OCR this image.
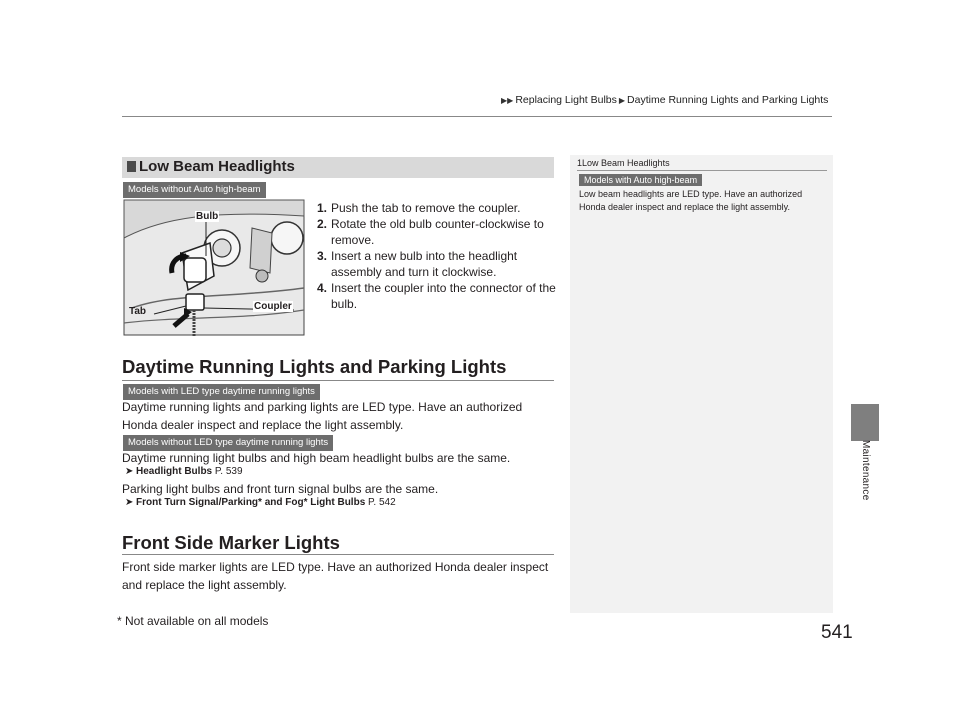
▶▶ Replacing Light Bulbs ▶ Daytime Running Lights and Parking Lights
Maintenance
Low Beam Headlights
Models without Auto high-beam
Bulb
Tab	Coupler
1. Push the tab to remove the coupler.
2. Rotate the old bulb counter-clockwise to remove.
3. Insert a new bulb into the headlight assembly and turn it clockwise.
4. Insert the coupler into the connector of the bulb.
Daytime Running Lights and Parking Lights
Models with LED type daytime running lights
Daytime running lights and parking lights are LED type. Have an authorized Honda dealer inspect and replace the light assembly.
Models without LED type daytime running lights
Daytime running light bulbs and high beam headlight bulbs are the same.
Headlight Bulbs P. 539
Parking light bulbs and front turn signal bulbs are the same.
Front Turn Signal/Parking* and Fog* Light Bulbs P. 542
➤
➤
Front Side Marker Lights
Front side marker lights are LED type. Have an authorized Honda dealer inspect and replace the light assembly.
1Low Beam Headlights
Models with Auto high-beam
Low beam headlights are LED type. Have an authorized Honda dealer inspect and replace the light assembly.
* Not available on all models
541
